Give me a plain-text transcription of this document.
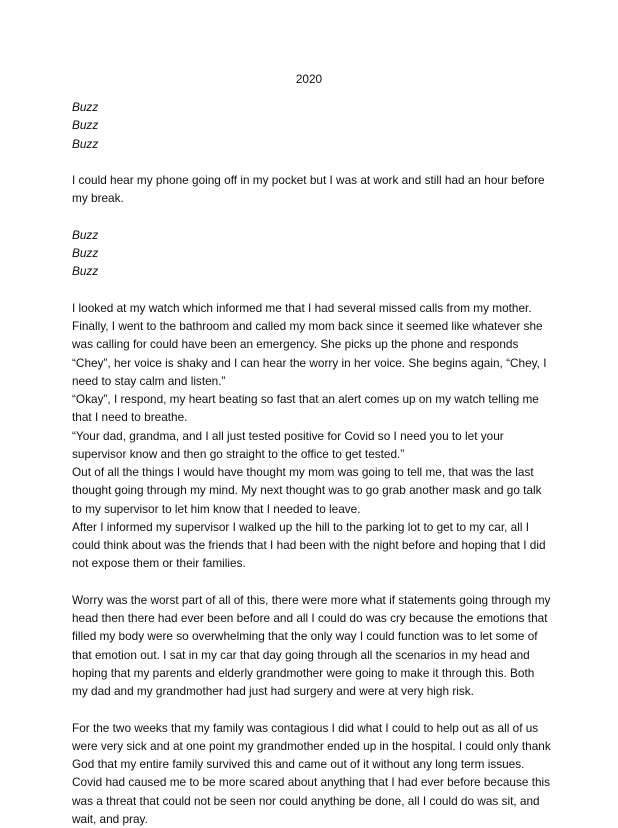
2020

Buzz

Buzz

Buzz

I could hear my phone going off in my pocket but I was at work and still had an hour before my break.

Buzz

Buzz

Buzz

I looked at my watch which informed me that I had several missed calls from my mother. Finally, I went to the bathroom and called my mom back since it seemed like whatever she was calling for could have been an emergency. She picks up the phone and responds “Chey”, her voice is shaky and I can hear the worry in her voice. She begins again, “Chey, I need to stay calm and listen.”

“Okay”, I respond, my heart beating so fast that an alert comes up on my watch telling me that I need to breathe.

“Your dad, grandma, and I all just tested positive for Covid so I need you to let your supervisor know and then go straight to the office to get tested.”

Out of all the things I would have thought my mom was going to tell me, that was the last thought going through my mind. My next thought was to go grab another mask and go talk to my supervisor to let him know that I needed to leave.

After I informed my supervisor I walked up the hill to the parking lot to get to my car, all I could think about was the friends that I had been with the night before and hoping that I did not expose them or their families.

Worry was the worst part of all of this, there were more what if statements going through my head then there had ever been before and all I could do was cry because the emotions that filled my body were so overwhelming that the only way I could function was to let some of that emotion out. I sat in my car that day going through all the scenarios in my head and hoping that my parents and elderly grandmother were going to make it through this. Both my dad and my grandmother had just had surgery and were at very high risk.

For the two weeks that my family was contagious I did what I could to help out as all of us were very sick and at one point my grandmother ended up in the hospital. I could only thank God that my entire family survived this and came out of it without any long term issues. Covid had caused me to be more scared about anything that I had ever before because this was a threat that could not be seen nor could anything be done, all I could do was sit, and wait, and pray.
